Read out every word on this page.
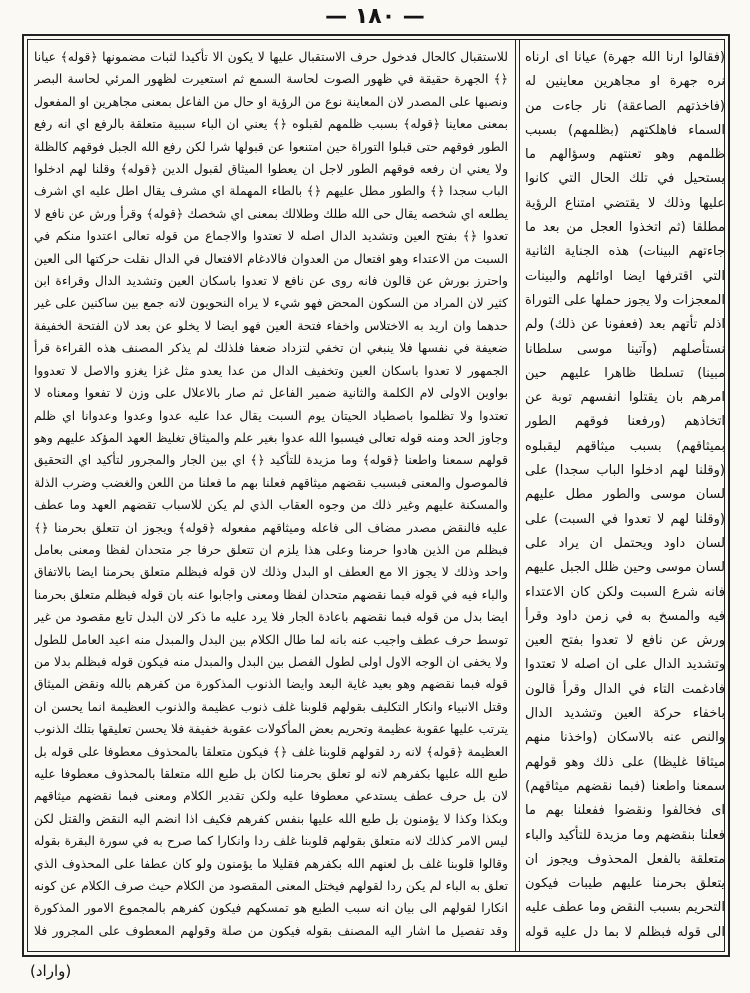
— ١٨٠ —

للاستقبال كالحال فدخول حرف الاستقبال عليها لا يكون الا تأكيدا لثبات مضمونها ﴿قوله﴾ عيانا ﴿﴾ الجهرة حقيقة في ظهور الصوت لحاسة السمع ثم استعيرت لظهور المرئي لحاسة البصر ونصبها على المصدر لان المعاينة نوع من الرؤية او حال من الفاعل بمعنى مجاهرين او المفعول بمعنى معاينا ﴿قوله﴾ بسبب ظلمهم لقبلوه ﴿﴾ يعني ان الباء سببية متعلقة بالرفع اي انه رفع الطور فوقهم حتى قبلوا التوراة حين امتنعوا عن قبولها شرا لكن رفع الله الجبل فوقهم كالظلة ولا يعني ان رفعه فوقهم الطور لاجل ان يعطوا الميثاق لقبول الدين ﴿قوله﴾ وقلنا لهم ادخلوا الباب سجدا ﴿﴾ والطور مطل عليهم ﴿﴾ بالطاء المهملة اي مشرف يقال اطل عليه اي اشرف يطلعه اي شخصه يقال حى الله طلك وطلالك بمعنى اي شخصك ﴿قوله﴾ وقرأ ورش عن نافع لا تعدوا ﴿﴾ بفتح العين وتشديد الدال اصله لا تعتدوا والاجماع من قوله تعالى اعتدوا منكم في السبت من الاعتداء وهو افتعال من العدوان فالادغام الافتعال في الدال نقلت حركتها الى العين واحترز بورش عن قالون فانه روى عن نافع لا تعدوا باسكان العين وتشديد الدال وقراءة ابن كثير لان المراد من السكون المحض فهو شيء لا يراه النحويون لانه جمع بين ساكنين على غير حدهما وان اريد به الاختلاس واخفاء فتحة العين فهو ايضا لا يخلو عن بعد لان الفتحة الخفيفة ضعيفة في نفسها فلا ينبغي ان تخفي لتزداد ضعفا فلذلك لم يذكر المصنف هذه القراءة قرأ الجمهور لا تعدوا باسكان العين وتخفيف الدال من عدا يعدو مثل غزا يغزو والاصل لا تعدووا بواوين الاولى لام الكلمة والثانية ضمير الفاعل ثم صار بالاعلال على وزن لا تفعوا ومعناه لا تعتدوا ولا تظلموا باصطياد الحيتان يوم السبت يقال عدا عليه عدوا وعدوا وعدوانا اي ظلم وجاوز الحد ومنه قوله تعالى فيسبوا الله عدوا بغير علم والميثاق تغليظ العهد المؤكد عليهم وهو قولهم سمعنا واطعنا ﴿قوله﴾ وما مزيدة للتأكيد ﴿﴾ اي بين الجار والمجرور لتأكيد اي التحقيق فالموصول والمعنى فبسبب نقضهم ميثاقهم فعلنا بهم ما فعلنا من اللعن والغضب وضرب الذلة والمسكنة عليهم وغير ذلك من وجوه العقاب الذي لم يكن للاسباب تقضهم العهد وما عطف عليه فالنقض مصدر مضاف الى فاعله وميثاقهم مفعوله ﴿قوله﴾ ويجوز ان تتعلق بحرمنا ﴿﴾ فبظلم من الذين هادوا حرمنا وعلى هذا يلزم ان تتعلق حرفا جر متحدان لفظا ومعنى بعامل واحد وذلك لا يجوز الا مع العطف او البدل وذلك لان قوله فبظلم متعلق بحرمنا ايضا بالاتفاق والباء فيه في قوله فبما نقضهم متحدان لفظا ومعنى واجابوا عنه بان قوله فبظلم متعلق بحرمنا ايضا بدل من قوله فبما نقضهم باعادة الجار فلا يرد عليه ما ذكر لان البدل تابع مقصود من غير توسط حرف عطف واجيب عنه بانه لما طال الكلام بين البدل والمبدل منه اعيد العامل للطول ولا يخفى ان الوجه الاول اولى لطول الفصل بين البدل والمبدل منه فيكون قوله فبظلم بدلا من قوله فبما نقضهم وهو بعيد غاية البعد وايضا الذنوب المذكورة من كفرهم بالله ونقض الميثاق وقتل الانبياء وانكار التكليف بقولهم قلوبنا غلف ذنوب عظيمة والذنوب العظيمة انما يحسن ان يترتب عليها عقوبة عظيمة وتحريم بعض المأكولات عقوبة خفيفة فلا يحسن تعليقها بتلك الذنوب العظيمة ﴿قوله﴾ لانه رد لقولهم قلوبنا غلف ﴿﴾ فيكون متعلقا بالمحذوف معطوفا على قوله بل طبع الله عليها بكفرهم لانه لو تعلق بحرمنا لكان بل طبع الله متعلقا بالمحذوف معطوفا عليه لان بل حرف عطف يستدعي معطوفا عليه ولكن تقدير الكلام ومعنى فبما نقضهم ميثاقهم وبكذا وكذا لا يؤمنون بل طبع الله عليها بنفس كفرهم فكيف اذا انضم اليه النقض والقتل لكن ليس الامر كذلك لانه متعلق بقولهم قلوبنا غلف ردا وانكارا كما صرح به في سورة البقرة بقوله وقالوا قلوبنا غلف بل لعنهم الله بكفرهم فقليلا ما يؤمنون ولو كان عطفا على المحذوف الذي تعلق به الباء لم يكن ردا لقولهم فيختل المعنى المقصود من الكلام حيث صرف الكلام عن كونه انكارا لقولهم الى بيان انه سبب الطبع هو تمسكهم فيكون كفرهم بالمجموع الامور المذكورة وقد تفصيل ما اشار اليه المصنف بقوله فيكون من صلة وقولهم المعطوف على المجرور فلا

(فقالوا ارنا الله جهرة) عيانا اى ارناه نره جهرة او مجاهرين معاينين له (فاخذتهم الصاعقة) نار جاءت من السماء فاهلكتهم (بظلمهم) بسبب ظلمهم وهو تعنتهم وسؤالهم ما يستحيل في تلك الحال التي كانوا عليها وذلك لا يقتضي امتناع الرؤية مطلقا (ثم اتخذوا العجل من بعد ما جاءتهم البينات) هذه الجناية الثانية التي اقترفها ايضا اوائلهم والبينات المعجزات ولا يجوز حملها على التوراة اذلم تأتهم بعد (فعفونا عن ذلك) ولم نستأصلهم (وآتينا موسى سلطانا مبينا) تسلطا ظاهرا عليهم حين امرهم بان يقتلوا انفسهم توبة عن اتخاذهم (ورفعنا فوقهم الطور بميثاقهم) بسبب ميثاقهم ليقبلوه (وقلنا لهم ادخلوا الباب سجدا) على لسان موسى والطور مطل عليهم (وقلنا لهم لا تعدوا في السبت) على لسان داود ويحتمل ان يراد على لسان موسى وحين ظلل الجبل عليهم فانه شرع السبت ولكن كان الاعتداء فيه والمسخ به في زمن داود وقرأ ورش عن نافع لا تعدوا بفتح العين وتشديد الدال على ان اصله لا تعتدوا فادغمت التاء في الدال وقرأ قالون باخفاء حركة العين وتشديد الدال والنص عنه بالاسكان (واخذنا منهم ميثاقا غليظا) على ذلك وهو قولهم سمعنا واطعنا (فبما نقضهم ميثاقهم) اى فخالفوا ونقضوا ففعلنا بهم ما فعلنا بنقضهم وما مزيدة للتأكيد والباء متعلقة بالفعل المحذوف ويجوز ان يتعلق بحرمنا عليهم طيبات فيكون التحريم بسبب النقض وما عطف عليه الى قوله فبظلم لا بما دل عليه قوله

(واراد)
